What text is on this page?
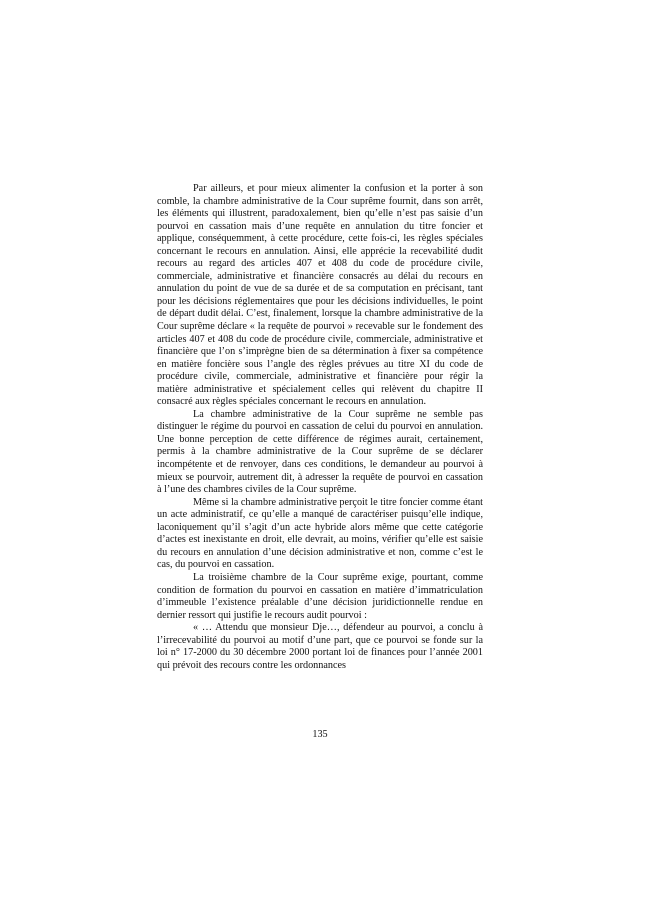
Par ailleurs, et pour mieux alimenter la confusion et la porter à son comble, la chambre administrative de la Cour suprême fournit, dans son arrêt, les éléments qui illustrent, paradoxalement, bien qu’elle n’est pas saisie d’un pourvoi en cassation mais d’une requête en annulation du titre foncier et applique, conséquemment, à cette procédure, cette fois-ci, les règles spéciales concernant le recours en annulation. Ainsi, elle apprécie la recevabilité dudit recours au regard des articles 407 et 408 du code de procédure civile, commerciale, administrative et financière consacrés au délai du recours en annulation du point de vue de sa durée et de sa computation en précisant, tant pour les décisions réglementaires que pour les décisions individuelles, le point de départ dudit délai. C’est, finalement, lorsque la chambre administrative de la Cour suprême déclare « la requête de pourvoi » recevable sur le fondement des articles 407 et 408 du code de procédure civile, commerciale, administrative et financière que l’on s’imprègne bien de sa détermination à fixer sa compétence en matière foncière sous l’angle des règles prévues au titre XI du code de procédure civile, commerciale, administrative et financière pour régir la matière administrative et spécialement celles qui relèvent du chapitre II consacré aux règles spéciales concernant le recours en annulation.

La chambre administrative de la Cour suprême ne semble pas distinguer le régime du pourvoi en cassation de celui du pourvoi en annulation. Une bonne perception de cette différence de régimes aurait, certainement, permis à la chambre administrative de la Cour suprême de se déclarer incompétente et de renvoyer, dans ces conditions, le demandeur au pourvoi à mieux se pourvoir, autrement dit, à adresser la requête de pourvoi en cassation à l’une des chambres civiles de la Cour suprême.

Même si la chambre administrative perçoit le titre foncier comme étant un acte administratif, ce qu’elle a manqué de caractériser puisqu’elle indique, laconiquement qu’il s’agit d’un acte hybride alors même que cette catégorie d’actes est inexistante en droit, elle devrait, au moins, vérifier qu’elle est saisie du recours en annulation d’une décision administrative et non, comme c’est le cas, du pourvoi en cassation.

La troisième chambre de la Cour suprême exige, pourtant, comme condition de formation du pourvoi en cassation en matière d’immatriculation d’immeuble l’existence préalable d’une décision juridictionnelle rendue en dernier ressort qui justifie le recours audit pourvoi :

« … Attendu que monsieur Dje…, défendeur au pourvoi, a conclu à l’irrecevabilité du pourvoi au motif d’une part, que ce pourvoi se fonde sur la loi n° 17-2000 du 30 décembre 2000 portant loi de finances pour l’année 2001 qui prévoit des recours contre les ordonnances

135
